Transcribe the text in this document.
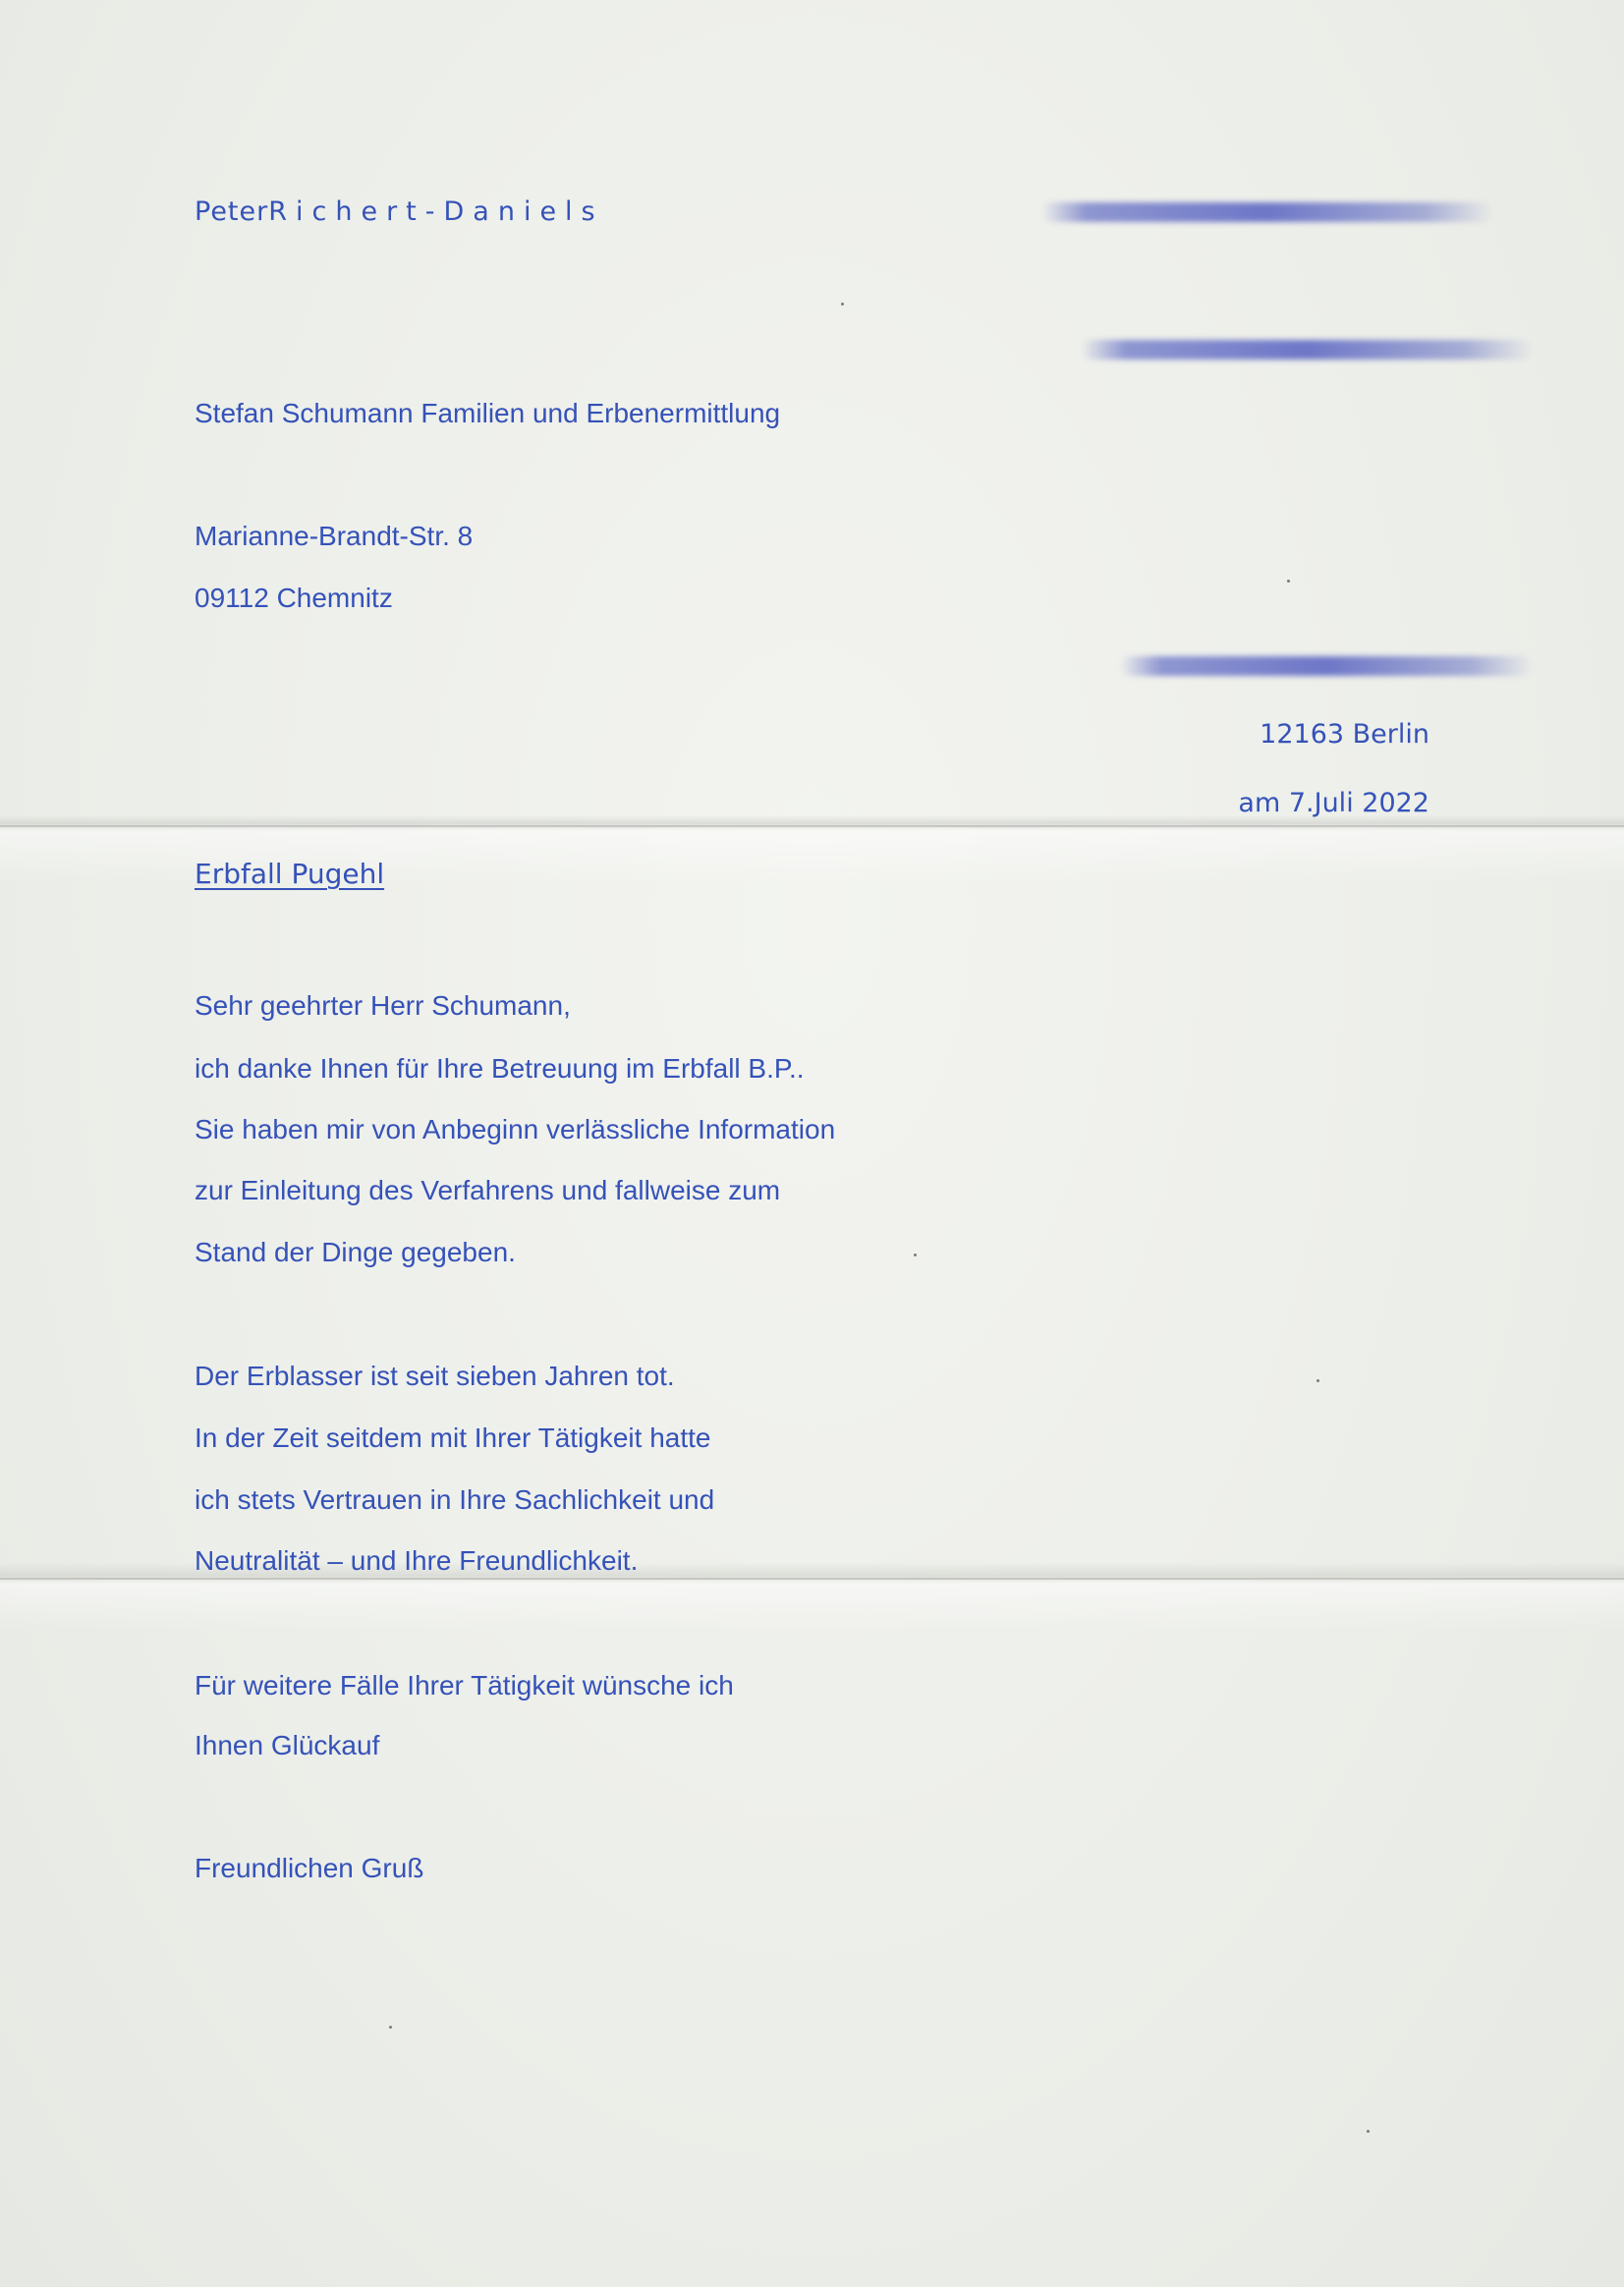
PeterRichert-Daniels
Stefan Schumann Familien und Erbenermittlung
Marianne-Brandt-Str. 8
09112 Chemnitz
12163 Berlin
am 7.Juli 2022
Erbfall Pugehl
Sehr geehrter Herr Schumann,
ich danke Ihnen für Ihre Betreuung im Erbfall B.P..
Sie haben mir von Anbeginn verlässliche Information
zur Einleitung des Verfahrens und fallweise zum
Stand der Dinge gegeben.
Der Erblasser ist seit sieben Jahren tot.
In der Zeit seitdem mit Ihrer Tätigkeit hatte
ich stets Vertrauen in Ihre Sachlichkeit und
Neutralität – und Ihre Freundlichkeit.
Für weitere Fälle Ihrer Tätigkeit wünsche ich
Ihnen Glückauf
Freundlichen Gruß
